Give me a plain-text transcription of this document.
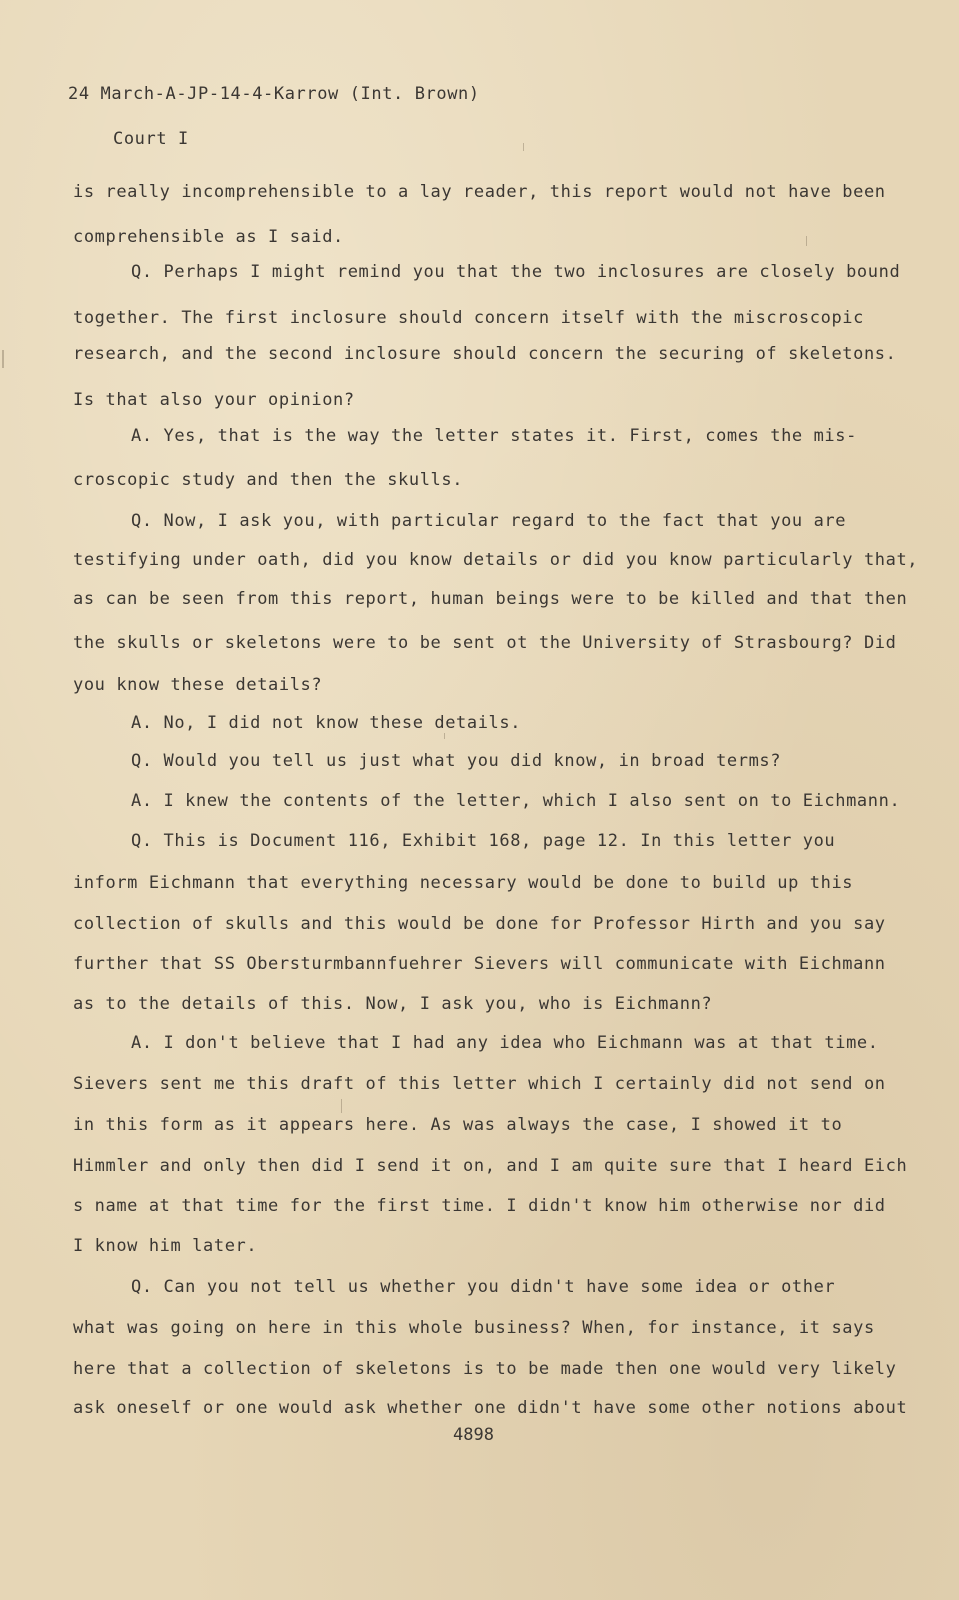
24 March-A-JP-14-4-Karrow (Int. Brown)
Court I
is really incomprehensible to a lay reader, this report would not have been
comprehensible as I said.
Q. Perhaps I might remind you that the two inclosures are closely bound
together. The first inclosure should concern itself with the miscroscopic
research, and the second inclosure should concern the securing of skeletons.
Is that also your opinion?
A. Yes, that is the way the letter states it. First, comes the mis-
croscopic study and then the skulls.
Q. Now, I ask you, with particular regard to the fact that you are
testifying under oath, did you know details or did you know particularly that,
as can be seen from this report, human beings were to be killed and that then
the skulls or skeletons were to be sent ot the University of Strasbourg? Did
you know these details?
A. No, I did not know these details.
Q. Would you tell us just what you did know, in broad terms?
A. I knew the contents of the letter, which I also sent on to Eichmann.
Q. This is Document 116, Exhibit 168, page 12. In this letter you
inform Eichmann that everything necessary would be done to build up this
collection of skulls and this would be done for Professor Hirth and you say
further that SS Obersturmbannfuehrer Sievers will communicate with Eichmann
as to the details of this. Now, I ask you, who is Eichmann?
A. I don't believe that I had any idea who Eichmann was at that time.
Sievers sent me this draft of this letter which I certainly did not send on
in this form as it appears here. As was always the case, I showed it to
Himmler and only then did I send it on, and I am quite sure that I heard Eich
s name at that time for the first time. I didn't know him otherwise nor did
I know him later.
Q. Can you not tell us whether you didn't have some idea or other
what was going on here in this whole business? When, for instance, it says
here that a collection of skeletons is to be made then one would very likely
ask oneself or one would ask whether one didn't have some other notions about
4898
